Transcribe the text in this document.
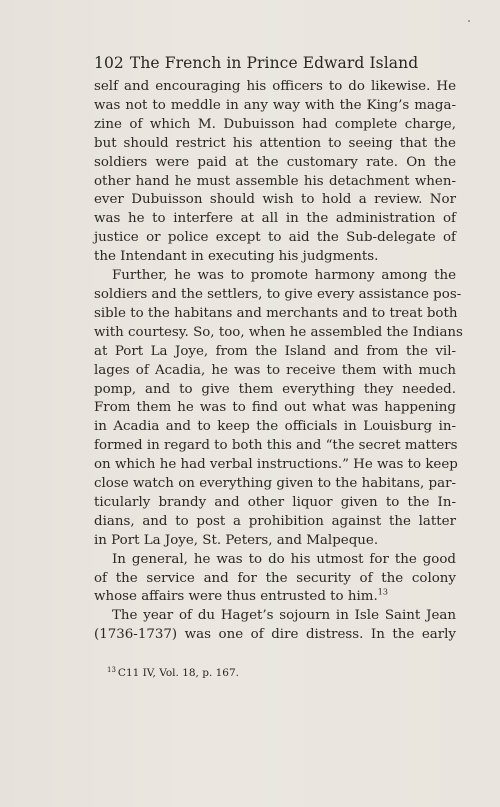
102 The French in Prince Edward Island
self and encouraging his officers to do likewise. He
was not to meddle in any way with the King’s maga-
zine of which M. Dubuisson had complete charge,
but should restrict his attention to seeing that the
soldiers were paid at the customary rate. On the
other hand he must assemble his detachment when-
ever Dubuisson should wish to hold a review. Nor
was he to interfere at all in the administration of
justice or police except to aid the Sub-delegate of
the Intendant in executing his judgments.
Further, he was to promote harmony among the
soldiers and the settlers, to give every assistance pos-
sible to the habitans and merchants and to treat both
with courtesy. So, too, when he assembled the Indians
at Port La Joye, from the Island and from the vil-
lages of Acadia, he was to receive them with much
pomp, and to give them everything they needed.
From them he was to find out what was happening
in Acadia and to keep the officials in Louisburg in-
formed in regard to both this and “the secret matters
on which he had verbal instructions.” He was to keep
close watch on everything given to the habitans, par-
ticularly brandy and other liquor given to the In-
dians, and to post a prohibition against the latter
in Port La Joye, St. Peters, and Malpeque.
In general, he was to do his utmost for the good
of the service and for the security of the colony
whose affairs were thus entrusted to him.$^{13}$
The year of du Haget’s sojourn in Isle Saint Jean
(1736-1737) was one of dire distress. In the early
$^{13}$ C11 IV, Vol. 18, p. 167.
